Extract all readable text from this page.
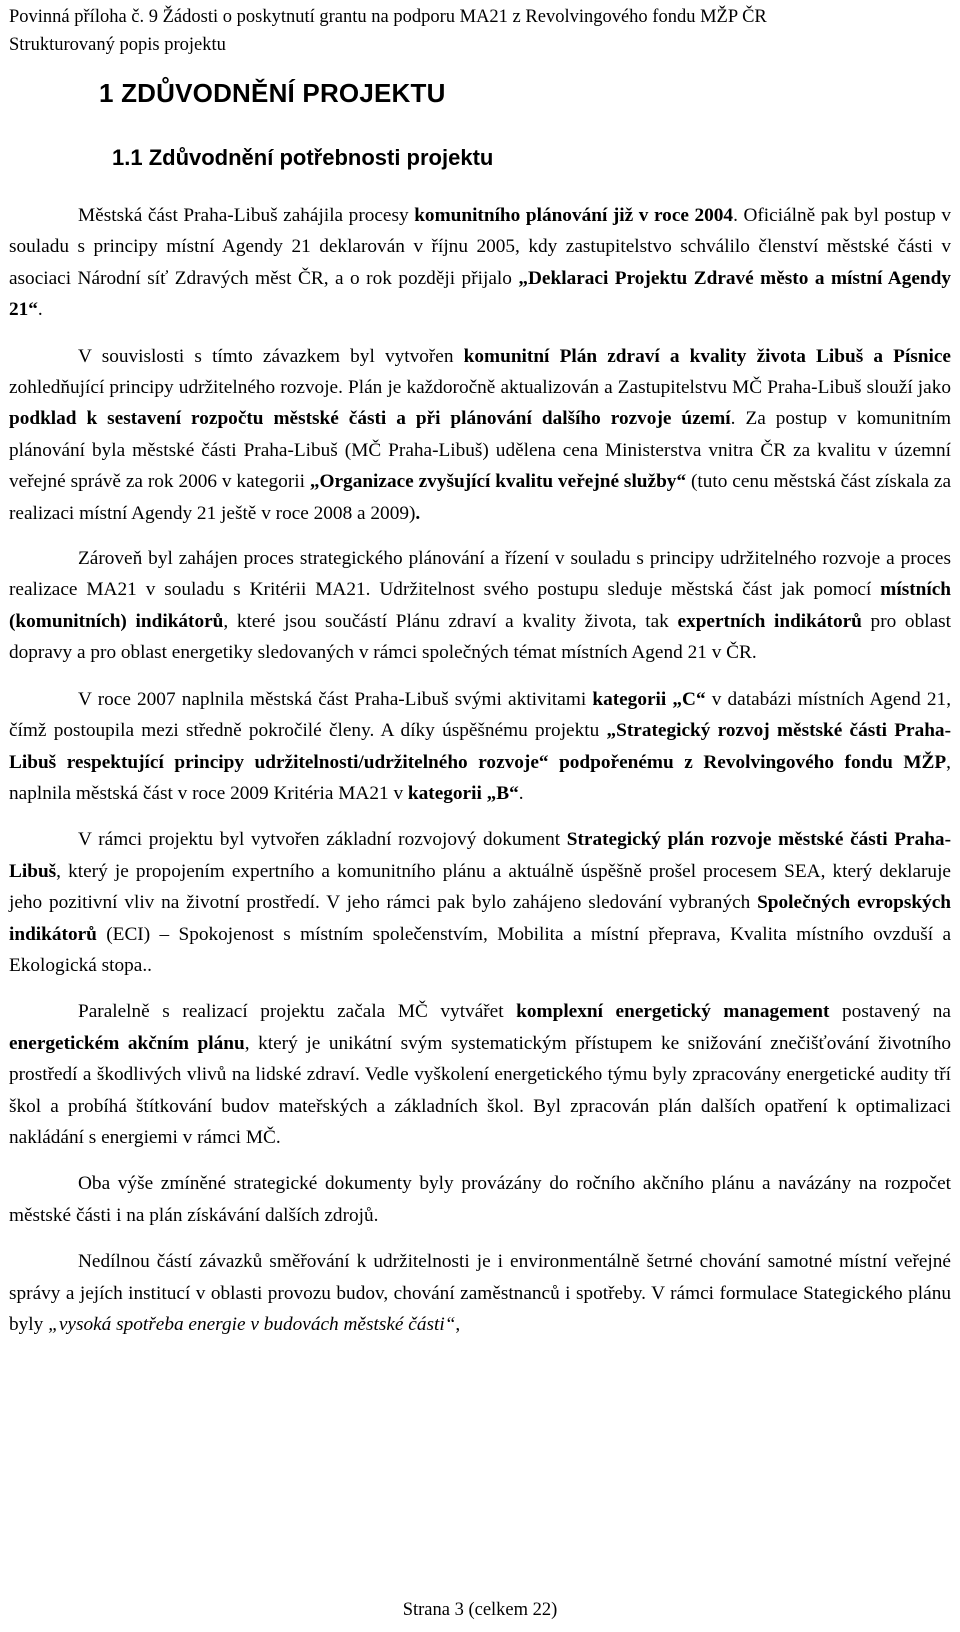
Povinná příloha č. 9 Žádosti o poskytnutí grantu na podporu MA21 z Revolvingového fondu MŽP ČR
Strukturovaný popis projektu
1 ZDŮVODNĚNÍ PROJEKTU
1.1 Zdůvodnění potřebnosti projektu

Městská část Praha-Libuš zahájila procesy komunitního plánování již v roce 2004. Oficiálně pak byl postup v souladu s principy místní Agendy 21 deklarován v říjnu 2005, kdy zastupitelstvo schválilo členství městské části v asociaci Národní síť Zdravých měst ČR, a o rok později přijalo „Deklaraci Projektu Zdravé město a místní Agendy 21“.

V souvislosti s tímto závazkem byl vytvořen komunitní Plán zdraví a kvality života Libuš a Písnice zohledňující principy udržitelného rozvoje. Plán je každoročně aktualizován a Zastupitelstvu MČ Praha-Libuš slouží jako podklad k sestavení rozpočtu městské části a při plánování dalšího rozvoje území. Za postup v komunitním plánování byla městské části Praha-Libuš (MČ Praha-Libuš) udělena cena Ministerstva vnitra ČR za kvalitu v územní veřejné správě za rok 2006 v kategorii „Organizace zvyšující kvalitu veřejné služby“ (tuto cenu městská část získala za realizaci místní Agendy 21 ještě v roce 2008 a 2009).

Zároveň byl zahájen proces strategického plánování a řízení v souladu s principy udržitelného rozvoje a proces realizace MA21 v souladu s Kritérii MA21. Udržitelnost svého postupu sleduje městská část jak pomocí místních (komunitních) indikátorů, které jsou součástí Plánu zdraví a kvality života, tak expertních indikátorů pro oblast dopravy a pro oblast energetiky sledovaných v rámci společných témat místních Agend 21 v ČR.

V roce 2007 naplnila městská část Praha-Libuš svými aktivitami kategorii „C“ v databázi místních Agend 21, čímž postoupila mezi středně pokročilé členy. A díky úspěšnému projektu „Strategický rozvoj městské části Praha-Libuš respektující principy udržitelnosti/udržitelného rozvoje“ podpořenému z Revolvingového fondu MŽP, naplnila městská část v roce 2009 Kritéria MA21 v kategorii „B“.

V rámci projektu byl vytvořen základní rozvojový dokument Strategický plán rozvoje městské části Praha-Libuš, který je propojením expertního a komunitního plánu a aktuálně úspěšně prošel procesem SEA, který deklaruje jeho pozitivní vliv na životní prostředí. V jeho rámci pak bylo zahájeno sledování vybraných Společných evropských indikátorů (ECI) – Spokojenost s místním společenstvím, Mobilita a místní přeprava, Kvalita místního ovzduší a Ekologická stopa..

Paralelně s realizací projektu začala MČ vytvářet komplexní energetický management postavený na energetickém akčním plánu, který je unikátní svým systematickým přístupem ke snižování znečišťování životního prostředí a škodlivých vlivů na lidské zdraví. Vedle vyškolení energetického týmu byly zpracovány energetické audity tří škol a probíhá štítkování budov mateřských a základních škol. Byl zpracován plán dalších opatření k optimalizaci nakládání s energiemi v rámci MČ.

Oba výše zmíněné strategické dokumenty byly provázány do ročního akčního plánu a navázány na rozpočet městské části i na plán získávání dalších zdrojů.

Nedílnou částí závazků směřování k udržitelnosti je i environmentálně šetrné chování samotné místní veřejné správy a jejích institucí v oblasti provozu budov, chování zaměstnanců i spotřeby. V rámci formulace Stategického plánu byly „vysoká spotřeba energie v budovách městské části“,

Strana 3 (celkem 22)
